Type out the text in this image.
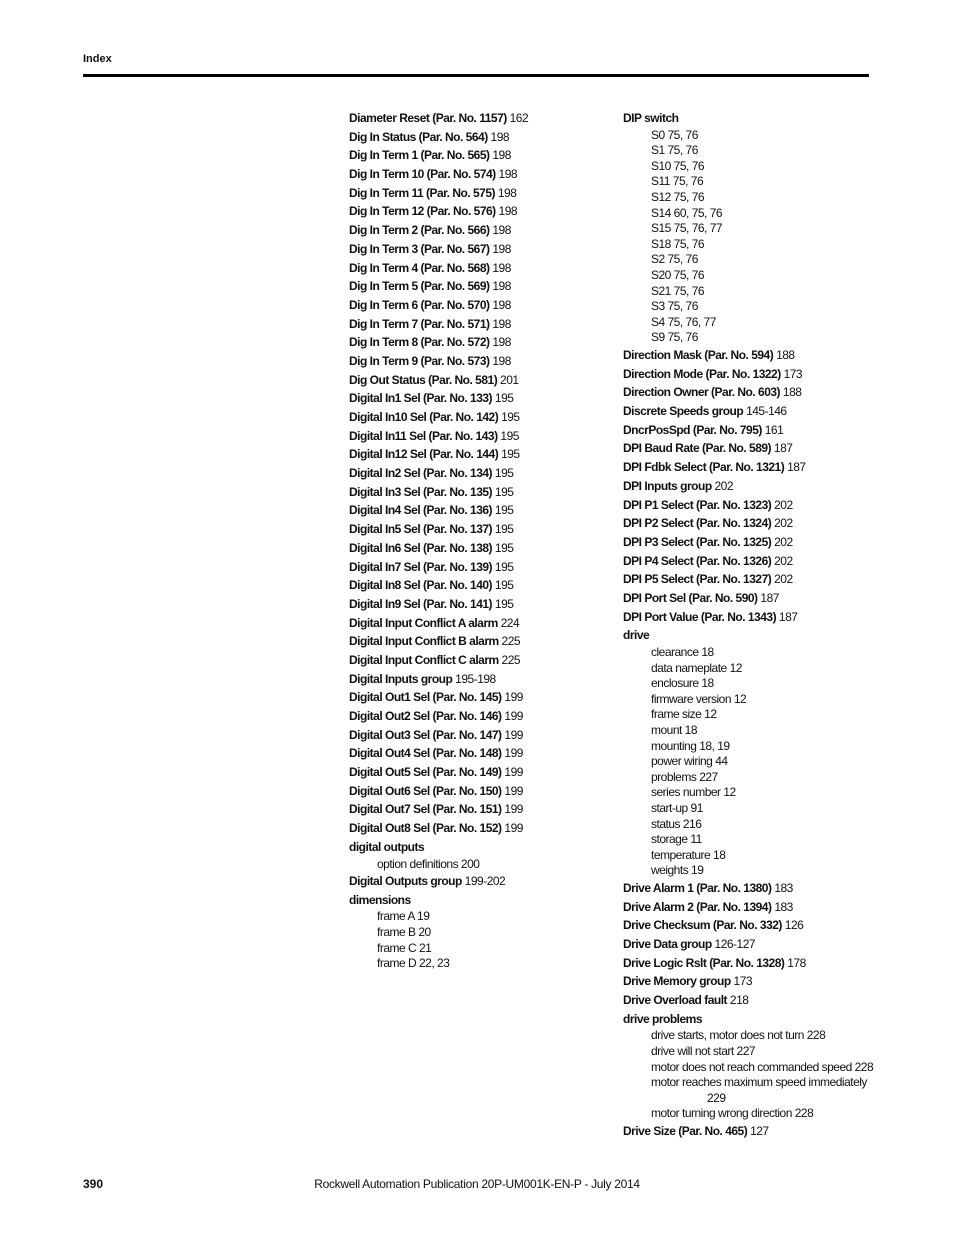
Index
Diameter Reset (Par. No. 1157) 162
Dig In Status (Par. No. 564) 198
Dig In Term 1 (Par. No. 565) 198
Dig In Term 10 (Par. No. 574) 198
Dig In Term 11 (Par. No. 575) 198
Dig In Term 12 (Par. No. 576) 198
Dig In Term 2 (Par. No. 566) 198
Dig In Term 3 (Par. No. 567) 198
Dig In Term 4 (Par. No. 568) 198
Dig In Term 5 (Par. No. 569) 198
Dig In Term 6 (Par. No. 570) 198
Dig In Term 7 (Par. No. 571) 198
Dig In Term 8 (Par. No. 572) 198
Dig In Term 9 (Par. No. 573) 198
Dig Out Status (Par. No. 581) 201
Digital In1 Sel (Par. No. 133) 195
Digital In10 Sel (Par. No. 142) 195
Digital In11 Sel (Par. No. 143) 195
Digital In12 Sel (Par. No. 144) 195
Digital In2 Sel (Par. No. 134) 195
Digital In3 Sel (Par. No. 135) 195
Digital In4 Sel (Par. No. 136) 195
Digital In5 Sel (Par. No. 137) 195
Digital In6 Sel (Par. No. 138) 195
Digital In7 Sel (Par. No. 139) 195
Digital In8 Sel (Par. No. 140) 195
Digital In9 Sel (Par. No. 141) 195
Digital Input Conflict A alarm 224
Digital Input Conflict B alarm 225
Digital Input Conflict C alarm 225
Digital Inputs group 195-198
Digital Out1 Sel (Par. No. 145) 199
Digital Out2 Sel (Par. No. 146) 199
Digital Out3 Sel (Par. No. 147) 199
Digital Out4 Sel (Par. No. 148) 199
Digital Out5 Sel (Par. No. 149) 199
Digital Out6 Sel (Par. No. 150) 199
Digital Out7 Sel (Par. No. 151) 199
Digital Out8 Sel (Par. No. 152) 199
digital outputs
option definitions 200
Digital Outputs group 199-202
dimensions
frame A 19
frame B 20
frame C 21
frame D 22, 23
DIP switch
S0 75, 76
S1 75, 76
S10 75, 76
S11 75, 76
S12 75, 76
S14 60, 75, 76
S15 75, 76, 77
S18 75, 76
S2 75, 76
S20 75, 76
S21 75, 76
S3 75, 76
S4 75, 76, 77
S9 75, 76
Direction Mask (Par. No. 594) 188
Direction Mode (Par. No. 1322) 173
Direction Owner (Par. No. 603) 188
Discrete Speeds group 145-146
DncrPosSpd (Par. No. 795) 161
DPI Baud Rate (Par. No. 589) 187
DPI Fdbk Select (Par. No. 1321) 187
DPI Inputs group 202
DPI P1 Select (Par. No. 1323) 202
DPI P2 Select (Par. No. 1324) 202
DPI P3 Select (Par. No. 1325) 202
DPI P4 Select (Par. No. 1326) 202
DPI P5 Select (Par. No. 1327) 202
DPI Port Sel (Par. No. 590) 187
DPI Port Value (Par. No. 1343) 187
drive
clearance 18
data nameplate 12
enclosure 18
firmware version 12
frame size 12
mount 18
mounting 18, 19
power wiring 44
problems 227
series number 12
start-up 91
status 216
storage 11
temperature 18
weights 19
Drive Alarm 1 (Par. No. 1380) 183
Drive Alarm 2 (Par. No. 1394) 183
Drive Checksum (Par. No. 332) 126
Drive Data group 126-127
Drive Logic Rslt (Par. No. 1328) 178
Drive Memory group 173
Drive Overload fault 218
drive problems
drive starts, motor does not turn 228
drive will not start 227
motor does not reach commanded speed 228
motor reaches maximum speed immediately
229
motor turning wrong direction 228
Drive Size (Par. No. 465) 127
390	Rockwell Automation Publication 20P-UM001K-EN-P - July 2014
